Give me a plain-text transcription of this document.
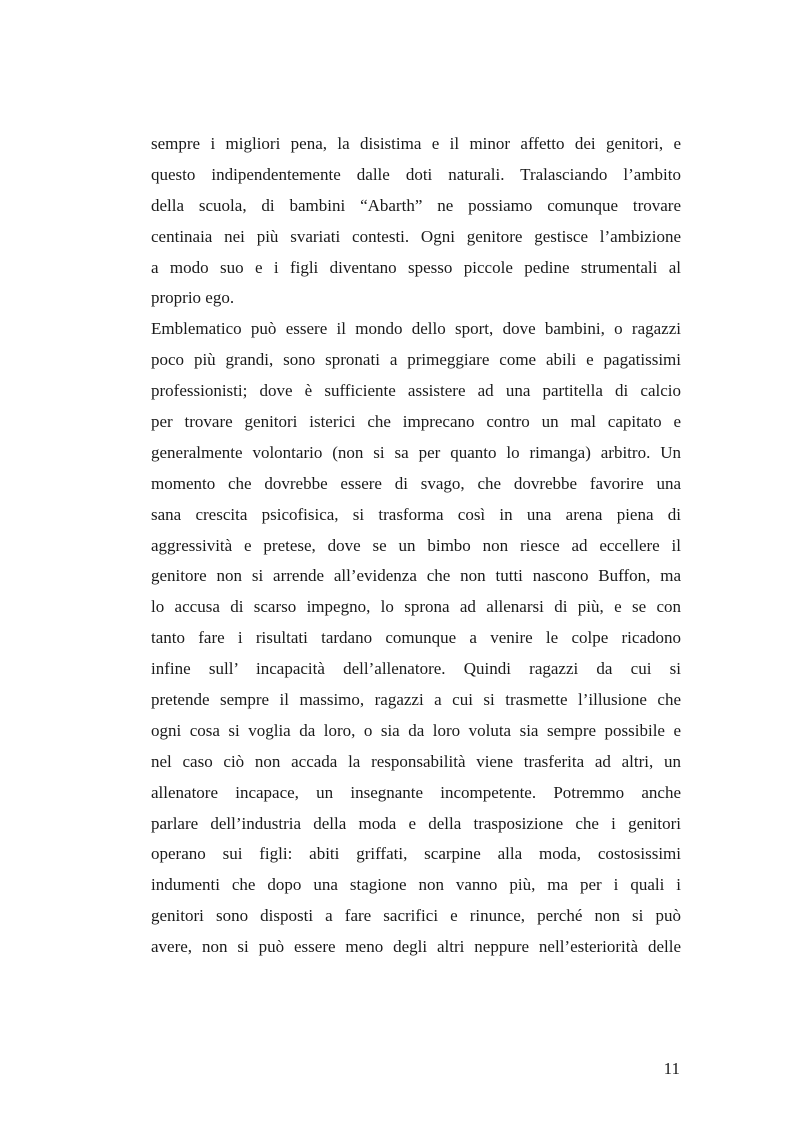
sempre i migliori pena, la disistima e il minor affetto dei genitori, e
questo indipendentemente dalle doti naturali. Tralasciando l’ambito
della scuola, di bambini “Abarth” ne possiamo comunque trovare
centinaia nei più svariati contesti. Ogni genitore gestisce l’ambizione
a modo suo e i figli diventano spesso piccole pedine strumentali al
proprio ego.
Emblematico può essere il mondo dello sport, dove bambini, o ragazzi
poco più grandi, sono spronati a primeggiare come abili e pagatissimi
professionisti; dove è sufficiente assistere ad una partitella di calcio
per trovare genitori isterici che imprecano contro un mal capitato e
generalmente volontario (non si sa per quanto lo rimanga) arbitro. Un
momento che dovrebbe essere di svago, che dovrebbe favorire una
sana crescita psicofisica, si trasforma così in una arena piena di
aggressività e pretese, dove se un bimbo non riesce ad eccellere il
genitore non si arrende all’evidenza che non tutti nascono Buffon, ma
lo accusa di scarso impegno, lo sprona ad allenarsi di più, e se con
tanto fare i risultati tardano comunque a venire le colpe ricadono
infine sull’ incapacità dell’allenatore. Quindi ragazzi da cui si
pretende sempre il massimo, ragazzi a cui si trasmette l’illusione che
ogni cosa si voglia da loro, o sia da loro voluta sia sempre possibile e
nel caso ciò non accada la responsabilità viene trasferita ad altri, un
allenatore incapace, un insegnante incompetente. Potremmo anche
parlare dell’industria della moda e della trasposizione che i genitori
operano sui figli: abiti griffati, scarpine alla moda, costosissimi
indumenti che dopo una stagione non vanno più, ma per i quali i
genitori sono disposti a fare sacrifici e rinunce, perché non si può
avere, non si può essere meno degli altri neppure nell’esteriorità delle
11
